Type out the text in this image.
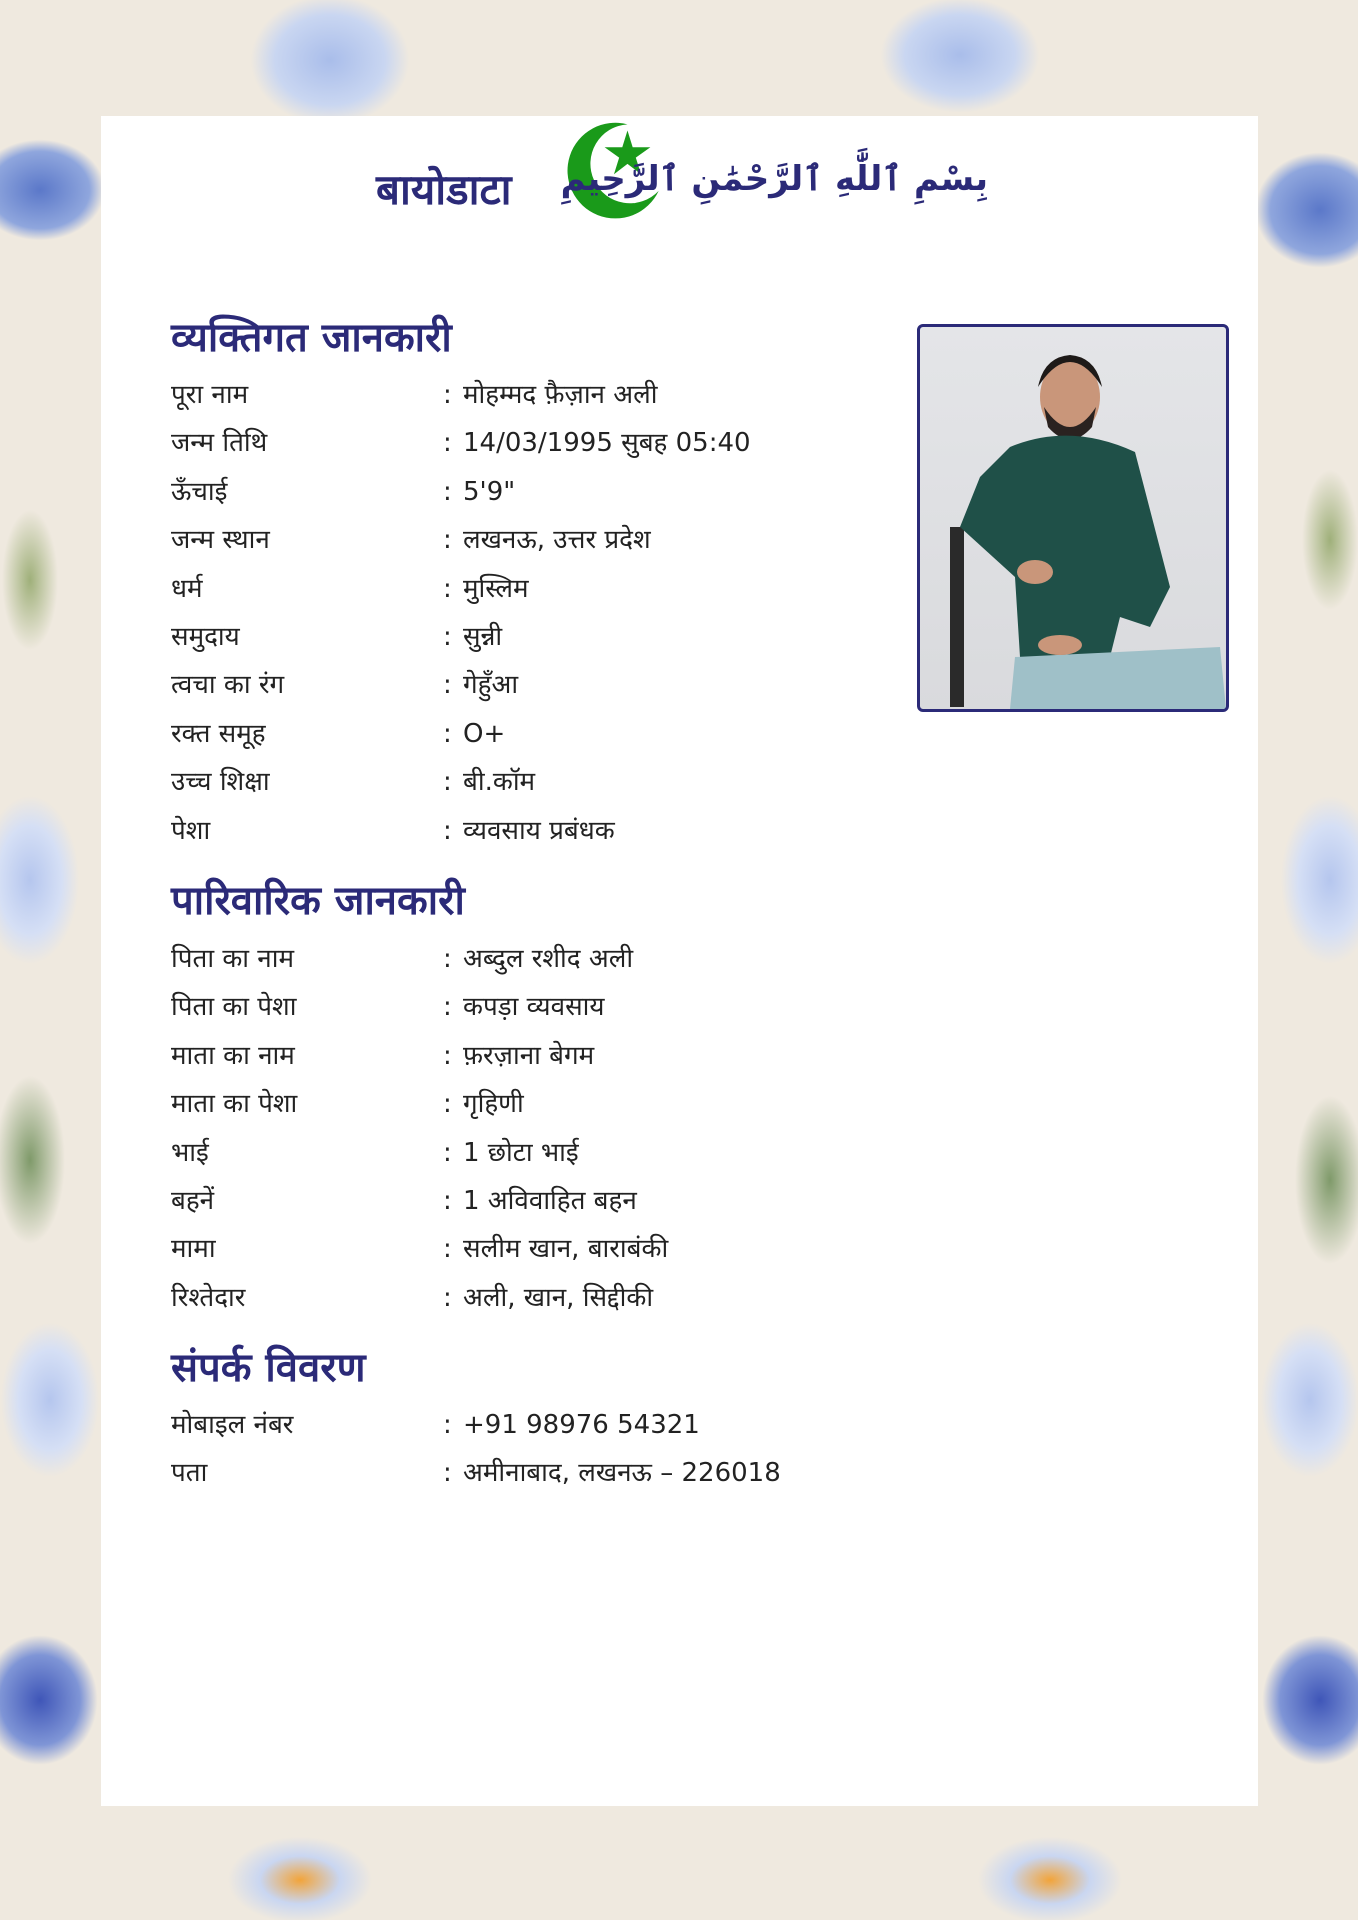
बायोडाटा بِسْمِ ٱللَّٰهِ ٱلرَّحْمَٰنِ ٱلرَّحِيمِ
व्यक्तिगत जानकारी
पूरा नाम	: मोहम्मद फ़ैज़ान अली
जन्म तिथि	: 14/03/1995 सुबह 05:40
ऊँचाई	: 5'9"
जन्म स्थान	: लखनऊ, उत्तर प्रदेश
धर्म	: मुस्लिम
समुदाय	: सुन्नी
त्वचा का रंग	: गेहुँआ
रक्त समूह	: O+
उच्च शिक्षा	: बी.कॉम
पेशा	: व्यवसाय प्रबंधक
पारिवारिक जानकारी
पिता का नाम	: अब्दुल रशीद अली
पिता का पेशा	: कपड़ा व्यवसाय
माता का नाम	: फ़रज़ाना बेगम
माता का पेशा	: गृहिणी
भाई	: 1 छोटा भाई
बहनें	: 1 अविवाहित बहन
मामा	: सलीम खान, बाराबंकी
रिश्तेदार	: अली, खान, सिद्दीकी
संपर्क विवरण
मोबाइल नंबर	: +91 98976 54321
पता	: अमीनाबाद, लखनऊ – 226018
